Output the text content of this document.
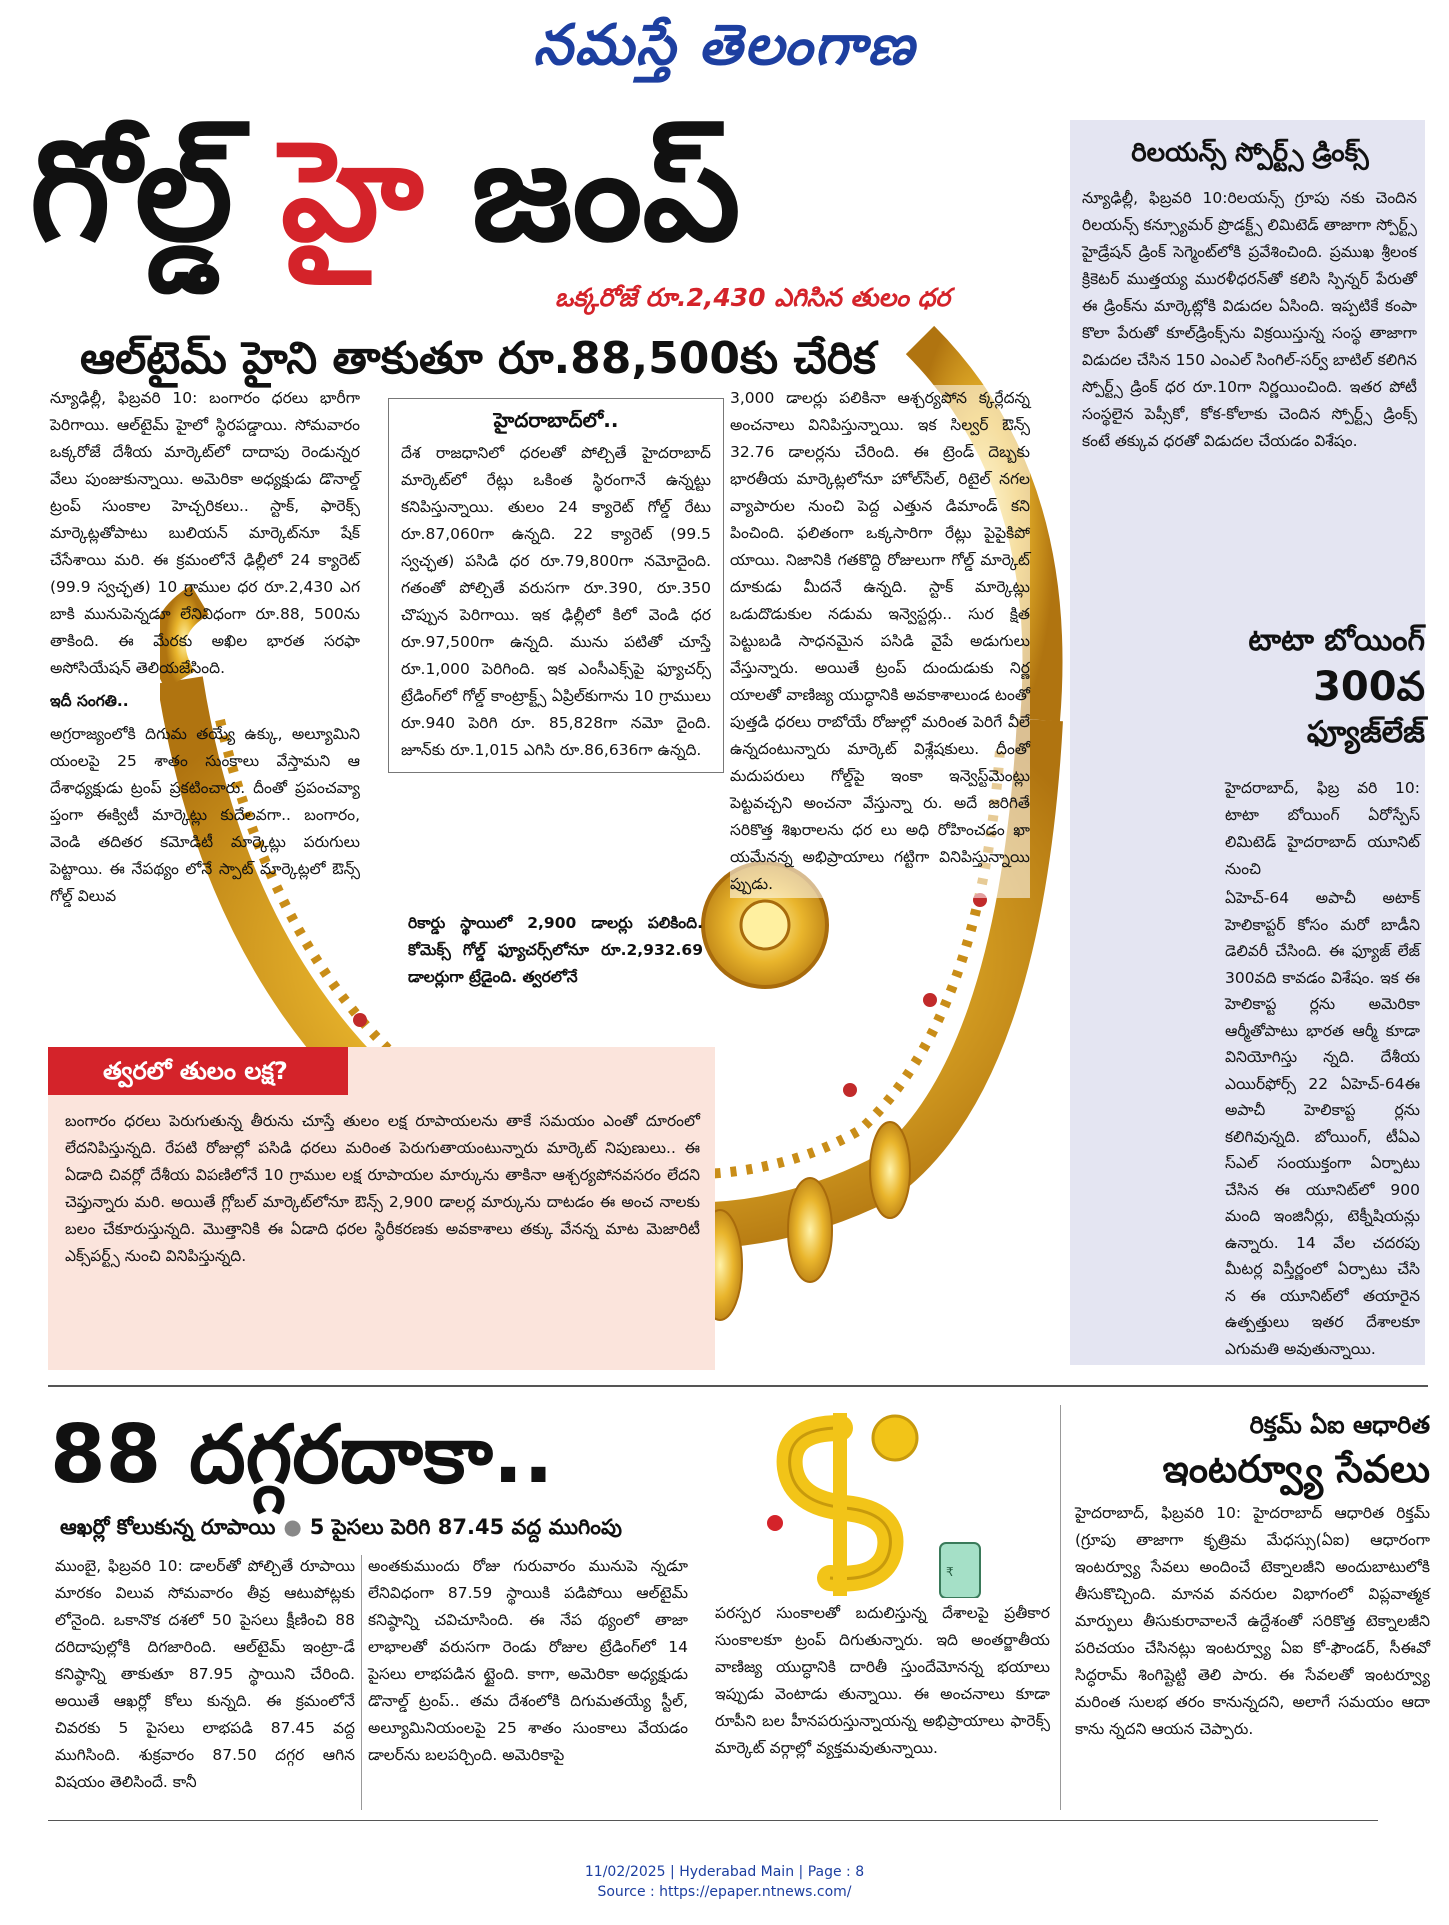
నమస్తే తెలంగాణ
గోల్డ్ హై జంప్
ఒక్కరోజే రూ.2,430 ఎగిసిన తులం ధర
ఆల్‌టైమ్ హైని తాకుతూ రూ.88,500కు చేరిక

న్యూఢిల్లీ, ఫిబ్రవరి 10: బంగారం ధరలు భారీగా పెరిగాయి. ఆల్‌టైమ్ హైలో స్థిరపడ్డాయి. సోమవారం ఒక్కరోజే దేశీయ మార్కెట్‌లో దాదాపు రెండున్నర వేలు పుంజుకున్నాయి. అమెరికా అధ్యక్షుడు డొనాల్డ్ ట్రంప్ సుంకాల హెచ్చరికలు.. స్టాక్, ఫారెక్స్ మార్కెట్లతోపాటు బులియన్ మార్కెట్‌నూ షేక్ చేసేశాయి మరి. ఈ క్రమంలోనే ఢిల్లీలో 24 క్యారెట్ (99.9 స్వచ్ఛత) 10 గ్రాముల ధర రూ.2,430 ఎగ బాకి మునుపెన్నడూ లేనివిధంగా రూ.88, 500ను తాకింది. ఈ మేరకు అఖిల భారత సరఫా అసోసియేషన్ తెలియజేసింది.

ఇదీ సంగతి..

అగ్రరాజ్యంలోకి దిగుమ తయ్యే ఉక్కు, అల్యూమిని యంలపై 25 శాతం సుంకాలు వేస్తామని ఆ దేశాధ్యక్షుడు ట్రంప్ ప్రకటించారు. దీంతో ప్రపంచవ్యా ప్తంగా ఈక్విటీ మార్కెట్లు కుదేలవగా.. బంగారం, వెండి తదితర కమోడిటీ మార్కెట్లు పరుగులు పెట్టాయి. ఈ నేపథ్యం లోనే స్పాట్ మార్కెట్లలో ఔన్స్ గోల్డ్ విలువ

హైదరాబాద్‌లో..
దేశ రాజధానిలో ధరలతో పోల్చితే హైదరాబాద్ మార్కెట్‌లో రేట్లు ఒకింత స్థిరంగానే ఉన్నట్టు కనిపిస్తున్నాయి. తులం 24 క్యారెట్ గోల్డ్ రేటు రూ.87,060గా ఉన్నది. 22 క్యారెట్ (99.5 స్వచ్ఛత) పసిడి ధర రూ.79,800గా నమోదైంది. గతంతో పోల్చితే వరుసగా రూ.390, రూ.350 చొప్పున పెరిగాయి. ఇక ఢిల్లీలో కిలో వెండి ధర రూ.97,500గా ఉన్నది. మును పటితో చూస్తే రూ.1,000 పెరిగింది. ఇక ఎంసీఎక్స్‌పై ఫ్యూచర్స్ ట్రేడింగ్‌లో గోల్డ్ కాంట్రాక్ట్స్ ఏప్రిల్‌కుగాను 10 గ్రాములు రూ.940 పెరిగి రూ. 85,828గా నమో దైంది. జూన్‌కు రూ.1,015 ఎగిసి రూ.86,636గా ఉన్నది.
రికార్డు స్థాయిలో 2,900 డాలర్లు పలికింది. కోమెక్స్ గోల్డ్ ఫ్యూచర్స్‌లోనూ రూ.2,932.69 డాలర్లుగా ట్రేడైంది. త్వరలోనే
3,000 డాలర్లు పలికినా ఆశ్చర్యపోన క్కర్లేదన్న అంచనాలు వినిపిస్తున్నాయి. ఇక సిల్వర్ ఔన్స్ 32.76 డాలర్లను చేరింది. ఈ ట్రెండ్ దెబ్బకు భారతీయ మార్కెట్లలోనూ హోల్‌సేల్, రిటైల్ నగల వ్యాపారుల నుంచి పెద్ద ఎత్తున డిమాండ్ కని పించింది. ఫలితంగా ఒక్కసారిగా రేట్లు పైపైకిపో యాయి. నిజానికి గతకొద్ది రోజులుగా గోల్డ్ మార్కెట్ దూకుడు మీదనే ఉన్నది. స్టాక్ మార్కెట్లు ఒడుదొడుకుల నడుమ ఇన్వెస్టర్లు.. సుర క్షిత పెట్టుబడి సాధనమైన పసిడి వైపే అడుగులు వేస్తున్నారు. అయితే ట్రంప్ దుందుడుకు నిర్ణ యాలతో వాణిజ్య యుద్ధానికి అవకాశాలుండ టంతో పుత్తడి ధరలు రాబోయే రోజుల్లో మరింత పెరిగే వీలే ఉన్నదంటున్నారు మార్కెట్ విశ్లేషకులు. దీంతో మదుపరులు గోల్డ్‌పై ఇంకా ఇన్వెస్ట్‌మెంట్లు పెట్టవచ్చని అంచనా వేస్తున్నా రు. అదే జరిగితే సరికొత్త శిఖరాలను ధర లు అధి రోహించడం ఖా యమేనన్న అభిప్రాయాలు గట్టిగా వినిపిస్తున్నాయి ప్పుడు.
త్వరలో తులం లక్ష?
బంగారం ధరలు పెరుగుతున్న తీరును చూస్తే తులం లక్ష రూపాయలను తాకే సమయం ఎంతో దూరంలో లేదనిపిస్తున్నది. రేపటి రోజుల్లో పసిడి ధరలు మరింత పెరుగుతాయంటున్నారు మార్కెట్ నిపుణులు.. ఈ ఏడాది చివర్లో దేశీయ విపణిలోనే 10 గ్రాముల లక్ష రూపాయల మార్కును తాకినా ఆశ్చర్యపోనవసరం లేదని చెప్తున్నారు మరి. అయితే గ్లోబల్ మార్కెట్‌లోనూ ఔన్స్ 2,900 డాలర్ల మార్కును దాటడం ఈ అంచ నాలకు బలం చేకూరుస్తున్నది. మొత్తానికి ఈ ఏడాది ధరల స్థిరీకరణకు అవకాశాలు తక్కు వేనన్న మాట మెజారిటీ ఎక్స్‌పర్ట్స్ నుంచి వినిపిస్తున్నది.
రిలయన్స్ స్పోర్ట్స్ డ్రింక్స్
న్యూఢిల్లీ, ఫిబ్రవరి 10:రిలయన్స్ గ్రూపు నకు చెందిన రిలయన్స్ కన్స్యూమర్ ప్రొడక్ట్స్ లిమిటెడ్ తాజాగా స్పోర్ట్స్ హైడ్రేషన్ డ్రింక్ సెగ్మెంట్‌లోకి ప్రవేశించింది. ప్రముఖ శ్రీలంక క్రికెటర్ ముత్తయ్య మురళీధరన్‌తో కలిసి స్పిన్నర్ పేరుతో ఈ డ్రింక్‌ను మార్కెట్లోకి విడుదల ఏసింది. ఇప్పటికే కంపా కొలా పేరుతో కూల్‌డ్రింక్స్‌ను విక్రయిస్తున్న సంస్థ తాజాగా విడుదల చేసిన 150 ఎంఎల్ సింగిల్-సర్వ్ బాటిల్ కలిగిన స్పోర్ట్స్ డ్రింక్ ధర రూ.10గా నిర్ణయించింది. ఇతర పోటీ సంస్థలైన పెప్సీకో, కోక-కోలాకు చెందిన స్పోర్ట్స్ డ్రింక్స్ కంటే తక్కువ ధరతో విడుదల చేయడం విశేషం.
టాటా బోయింగ్
300వ
ఫ్యూజ్‌లేజ్
హైదరాబాద్, ఫిబ్ర వరి 10: టాటా బోయింగ్ ఏరోస్పేస్ లిమిటెడ్ హైదరాబాద్ యూనిట్ నుంచి
ఏహెచ్-64 అపాచీ అటాక్ హెలికాప్టర్ కోసం మరో బాడీని డెలివరీ చేసింది. ఈ ఫ్యూజ్ లేజ్ 300వది కావడం విశేషం. ఇక ఈ హెలికాప్ట ర్లను అమెరికా ఆర్మీతోపాటు భారత ఆర్మీ కూడా వినియోగిస్తు న్నది. దేశీయ ఎయిర్‌ఫోర్స్ 22 ఏహెచ్-64ఈ అపాచీ హెలికాప్ట ర్లను కలిగివున్నది. బోయింగ్, టీఏఎ స్ఎల్ సంయుక్తంగా ఏర్పాటు చేసిన ఈ యూనిట్‌లో 900 మంది ఇంజినీర్లు, టెక్నీషియన్లు ఉన్నారు. 14 వేల చదరపు మీటర్ల విస్తీర్ణంలో ఏర్పాటు చేసి న ఈ యూనిట్‌లో తయారైన ఉత్పత్తులు ఇతర దేశాలకూ ఎగుమతి అవుతున్నాయి.
88 దగ్గరదాకా..
ఆఖర్లో కోలుకున్న రూపాయి ● 5 పైసలు పెరిగి 87.45 వద్ద ముగింపు
ముంబై, ఫిబ్రవరి 10: డాలర్‌తో పోల్చితే రూపాయి మారకం విలువ సోమవారం తీవ్ర ఆటుపోట్లకు లోనైంది. ఒకానొక దశలో 50 పైసలు క్షీణించి 88 దరిదాపుల్లోకి దిగజారింది. ఆల్‌టైమ్ ఇంట్రా-డే కనిష్ఠాన్ని తాకుతూ 87.95 స్థాయిని చేరింది. అయితే ఆఖర్లో కోలు కున్నది. ఈ క్రమంలోనే చివరకు 5 పైసలు లాభపడి 87.45 వద్ద ముగిసింది. శుక్రవారం 87.50 దగ్గర ఆగిన విషయం తెలిసిందే. కానీ
అంతకుముందు రోజు గురువారం మునుపె న్నడూ లేనివిధంగా 87.59 స్థాయికి పడిపోయి ఆల్‌టైమ్ కనిష్ఠాన్ని చవిచూసింది. ఈ నేప థ్యంలో తాజా లాభాలతో వరుసగా రెండు రోజుల ట్రేడింగ్‌లో 14 పైసలు లాభపడిన ట్టైంది. కాగా, అమెరికా అధ్యక్షుడు డొనాల్డ్ ట్రంప్.. తమ దేశంలోకి దిగుమతయ్యే స్టీల్, అల్యూమినియంలపై 25 శాతం సుంకాలు వేయడం డాలర్‌ను బలపర్చింది. అమెరికాపై
₹
పరస్పర సుంకాలతో బదులిస్తున్న దేశాలపై ప్రతీకార సుంకాలకూ ట్రంప్ దిగుతున్నారు. ఇది అంతర్జాతీయ వాణిజ్య యుద్ధానికి దారితీ స్తుందేమోనన్న భయాలు ఇప్పుడు వెంటాడు తున్నాయి. ఈ అంచనాలు కూడా రూపీని బల హీనపరుస్తున్నాయన్న అభిప్రాయాలు ఫారెక్స్ మార్కెట్ వర్గాల్లో వ్యక్తమవుతున్నాయి.
రిక్తమ్ ఏఐ ఆధారిత
ఇంటర్వ్యూ సేవలు
హైదరాబాద్, ఫిబ్రవరి 10: హైదరాబాద్ ఆధారిత రిక్తమ్ (గ్రూపు తాజాగా కృత్రిమ మేధస్సు(ఏఐ) ఆధారంగా ఇంటర్వ్యూ సేవలు అందించే టెక్నాలజీని అందుబాటులోకి తీసుకొచ్చింది. మానవ వనరుల విభాగంలో విప్లవాత్మక మార్పులు తీసుకురావాలనే ఉద్దేశంతో సరికొత్త టెక్నాలజీని పరిచయం చేసినట్లు ఇంటర్వ్యూ ఏఐ కో-ఫౌండర్, సీఈవో సిద్ధరామ్ శింగిష్టెట్టి తెలి పారు. ఈ సేవలతో ఇంటర్వ్యూ మరింత సులభ తరం కానున్నదని, అలాగే సమయం ఆదా కాను న్నదని ఆయన చెప్పారు.
11/02/2025 | Hyderabad Main | Page : 8
Source : https://epaper.ntnews.com/
